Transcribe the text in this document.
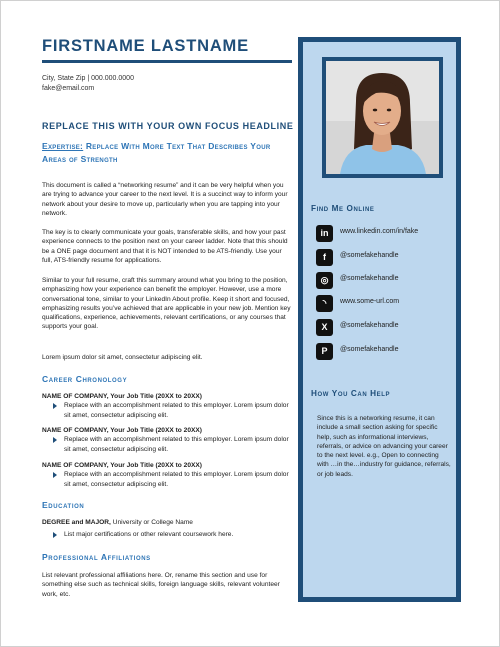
FIRSTNAME LASTNAME
City, State Zip | 000.000.0000
fake@email.com
REPLACE THIS WITH YOUR OWN FOCUS HEADLINE
Expertise: Replace With More Text That Describes Your Areas of Strength
This document is called a “networking resume” and it can be very helpful when you are trying to advance your career to the next level. It is a succinct way to inform your network about your desire to move up, particularly when you are tapping into your network.
The key is to clearly communicate your goals, transferable skills, and how your past experience connects to the position next on your career ladder. Note that this should be a ONE page document and that it is NOT intended to be ATS-friendly. Use your full, ATS-friendly resume for applications.
Similar to your full resume, craft this summary around what you bring to the position, emphasizing how your experience can benefit the employer. However, use a more conversational tone, similar to your LinkedIn About profile. Keep it short and focused, emphasizing results you’ve achieved that are applicable in your new job. Mention key qualifications, experience, achievements, relevant certifications, or any courses that supports your goal.
Lorem ipsum dolor sit amet, consectetur adipiscing elit.
Career Chronology
NAME OF COMPANY, Your Job Title (20XX to 20XX)
Replace with an accomplishment related to this employer. Lorem ipsum dolor sit amet, consectetur adipiscing elit.
NAME OF COMPANY, Your Job Title (20XX to 20XX)
Replace with an accomplishment related to this employer. Lorem ipsum dolor sit amet, consectetur adipiscing elit.
NAME OF COMPANY, Your Job Title (20XX to 20XX)
Replace with an accomplishment related to this employer. Lorem ipsum dolor sit amet, consectetur adipiscing elit.
Education
DEGREE and MAJOR, University or College Name
List major certifications or other relevant coursework here.
Professional Affiliations
List relevant professional affiliations here. Or, rename this section and use for something else such as technical skills, foreign language skills, relevant volunteer work, etc.
Find Me Online
in	www.linkedin.com/in/fake
f	@somefakehandle
◎	@somefakehandle
◝	www.some-url.com
X	@somefakehandle
P	@somefakehandle
How You Can Help
Since this is a networking resume, it can include a small section asking for specific help, such as informational interviews, referrals, or advice on advancing your career to the next level. e.g., Open to connecting with …in the…industry for guidance, referrals, or job leads.
